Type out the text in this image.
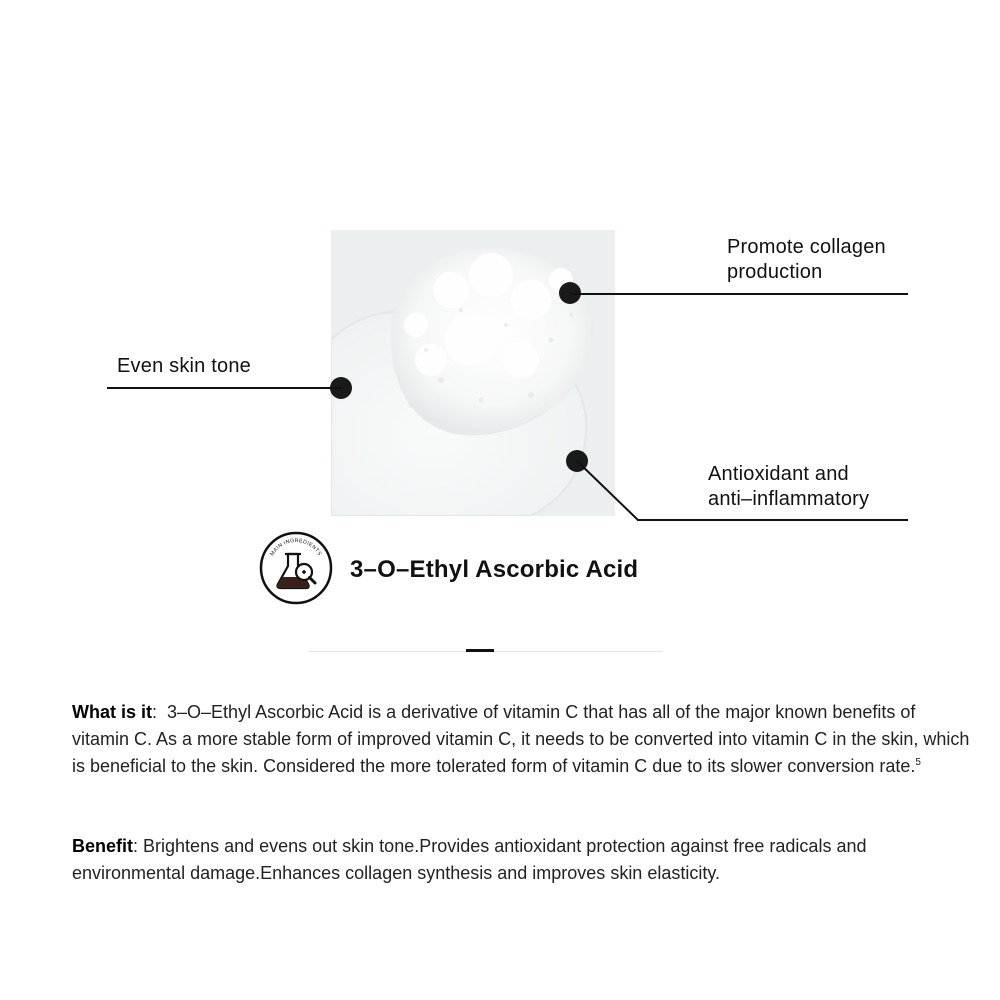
Promote collagen
production
Even skin tone
Antioxidant and
anti–inflammatory
MAIN INGREDIENTS
3–O–Ethyl Ascorbic Acid
What is it:  3–O–Ethyl Ascorbic Acid is a derivative of vitamin C that has all of the major known benefits of vitamin C. As a more stable form of improved vitamin C, it needs to be converted into vitamin C in the skin, which is beneficial to the skin. Considered the more tolerated form of vitamin C due to its slower conversion rate.$^5$
Benefit: Brightens and evens out skin tone.Provides antioxidant protection against free radicals and environmental damage.Enhances collagen synthesis and improves skin elasticity.
